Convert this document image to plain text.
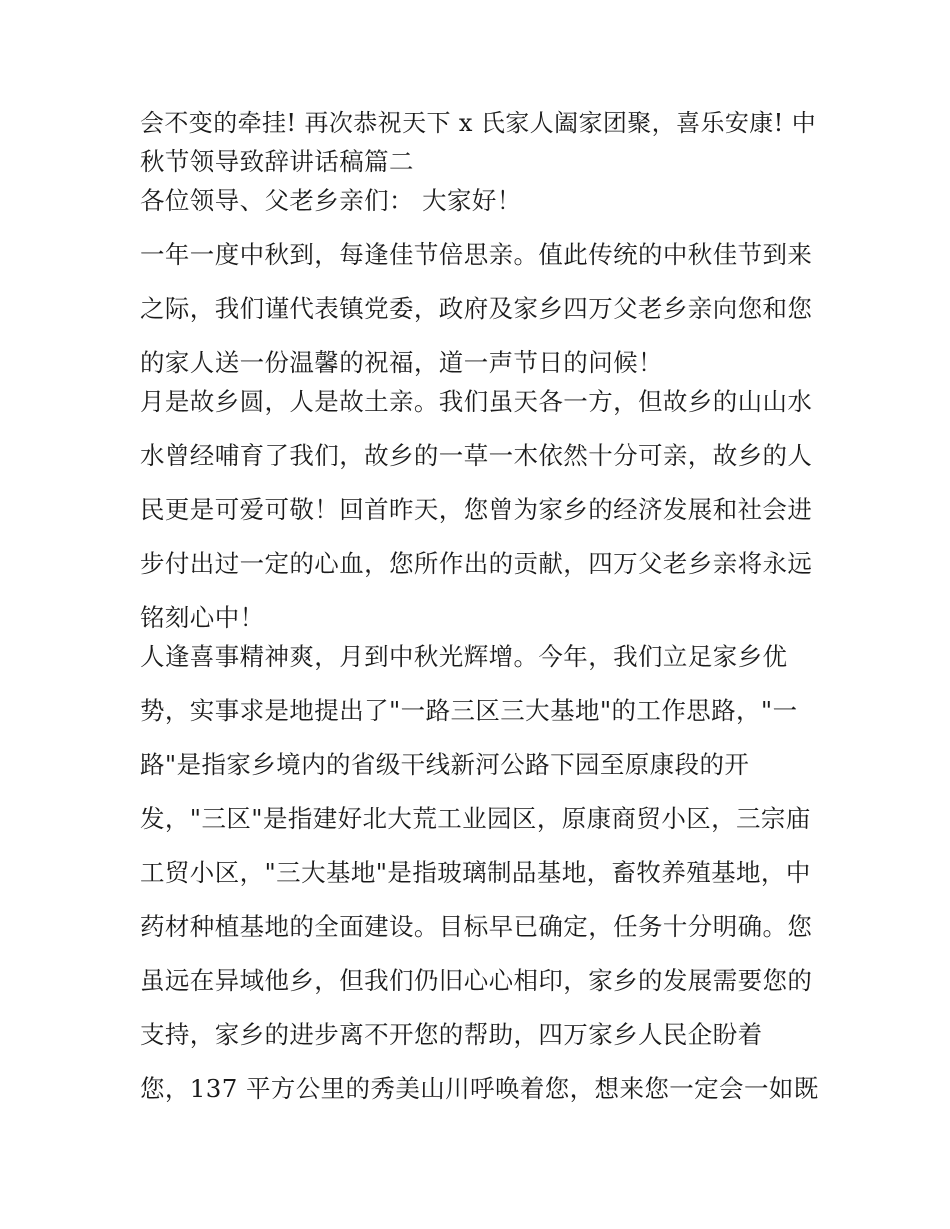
会不变的牵挂! 再次恭祝天下 x 氏家人阖家团聚，喜乐安康! 中
秋节领导致辞讲话稿篇二
各位领导、父老乡亲们： 大家好！
一年一度中秋到，每逢佳节倍思亲。值此传统的中秋佳节到来
之际，我们谨代表镇党委，政府及家乡四万父老乡亲向您和您
的家人送一份温馨的祝福，道一声节日的问候！
月是故乡圆，人是故土亲。我们虽天各一方，但故乡的山山水
水曾经哺育了我们，故乡的一草一木依然十分可亲，故乡的人
民更是可爱可敬！回首昨天，您曾为家乡的经济发展和社会进
步付出过一定的心血，您所作出的贡献，四万父老乡亲将永远
铭刻心中！
人逢喜事精神爽，月到中秋光辉增。今年，我们立足家乡优
势，实事求是地提出了"一路三区三大基地"的工作思路，"一
路"是指家乡境内的省级干线新河公路下园至原康段的开
发，"三区"是指建好北大荒工业园区，原康商贸小区，三宗庙
工贸小区，"三大基地"是指玻璃制品基地，畜牧养殖基地，中
药材种植基地的全面建设。目标早已确定，任务十分明确。您
虽远在异域他乡，但我们仍旧心心相印，家乡的发展需要您的
支持，家乡的进步离不开您的帮助，四万家乡人民企盼着
您，137 平方公里的秀美山川呼唤着您，想来您一定会一如既
